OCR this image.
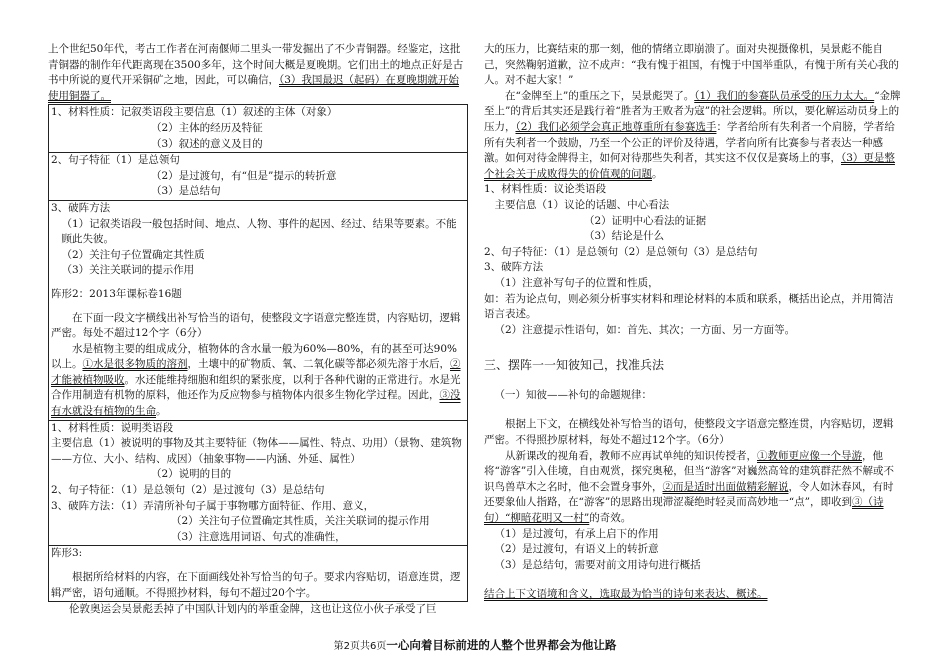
上个世纪50年代，考古工作者在河南偃师二里头一带发掘出了不少青铜器。经鉴定，这批青铜器的制作年代距离现在3500多年，这个时间大概是夏晚期。它们出土的地点正好是古书中所说的夏代开采铜矿之地，因此，可以确信，（3）我国最迟（起码）在夏晚期就开始使用铜器了。

1、材料性质：记叙类语段主要信息（1）叙述的主体（对象）

（2）主体的经历及特征

（3）叙述的意义及目的

2、句子特征（1）是总领句

（2）是过渡句，有“但是”提示的转折意

（3）是总结句

3、破阵方法

（1）记叙类语段一般包括时间、地点、人物、事件的起因、经过、结果等要素。不能顾此失彼。

（2）关注句子位置确定其性质

（3）关注关联词的提示作用

阵形2：2013年课标卷16题

在下面一段文字横线出补写恰当的语句，使整段文字语意完整连贯，内容贴切，逻辑严密。每处不超过12个字（6分）

水是植物主要的组成成分，植物体的含水量一般为60%—80%，有的甚至可达90%以上。①水是很多物质的溶剂，土壤中的矿物质、氧、二氧化碳等都必须先溶于水后，②才能被植物吸收。水还能维持细胞和组织的紧张度，以利于各种代谢的正常进行。水是光合作用制造有机物的原料，他还作为反应物参与植物体内很多生物化学过程。因此，③没有水就没有植物的生命。

1、材料性质：说明类语段

主要信息（1）被说明的事物及其主要特征（物体——属性、特点、功用）（景物、建筑物——方位、大小、结构、成因）（抽象事物——内涵、外延、属性）

（2）说明的目的

2、句子特征：（1）是总领句（2）是过渡句（3）是总结句

3、破阵方法：（1）弄清所补句子属于事物哪方面特征、作用、意义，

（2）关注句子位置确定其性质，关注关联词的提示作用

（3）注意选用词语、句式的准确性，

阵形3:

根据所给材料的内容，在下面画线处补写恰当的句子。要求内容贴切，语意连贯，逻辑严密，语句通顺。不得照抄材料，每句不超过20个字。

伦敦奥运会吴景彪丢掉了中国队计划内的举重金牌，这也让这位小伙子承受了巨

大的压力，比赛结束的那一刻，他的情绪立即崩溃了。面对央视摄像机，吴景彪不能自己，突然鞠躬道歉，泣不成声：“我有愧于祖国，有愧于中国举重队，有愧于所有关心我的人。对不起大家！”

在“金牌至上”的重压之下，吴景彪哭了。（1）我们的参赛队员承受的压力太大。“金牌至上”的背后其实还是践行着“胜者为王败者为寇”的社会逻辑。所以，要化解运动员身上的压力，（2）我们必须学会真正地尊重所有参赛选手：学者给所有失利者一个肩膀，学者给所有失利者一个鼓励，乃至一个公正的评价及待遇，学者向所有比赛参与者表达一种感激。如何对待金牌得主，如何对待那些失利者，其实这不仅仅是赛场上的事，（3）更是整个社会关于成败得失的价值观的问题。

1、材料性质：议论类语段

主要信息（1）议论的话题、中心看法

（2）证明中心看法的证据

（3）结论是什么

2、句子特征：（1）是总领句（2）是总领句（3）是总结句

3、破阵方法

（1）注意补写句子的位置和性质，

如：若为论点句，则必须分析事实材料和理论材料的本质和联系，概括出论点，并用简洁语言表述。

（2）注意提示性语句，如：首先、其次；一方面、另一方面等。

三、摆阵一一知彼知己，找准兵法

（一）知彼——补句的命题规律：

根据上下文，在横线处补写恰当的语句，使整段文字语意完整连贯，内容贴切，逻辑严密。不得照抄原材料，每处不超过12个字。（6分）

从新课改的视角看，教师不应再试单纯的知识传授者，①教师更应像一个导游，他将“游客”引入佳境，自由观赏，探究奥秘，但当“游客”对巍然高耸的建筑群茫然不解或不识鸟兽草木之名时，他不会置身事外，②而是适时出面做精彩解说，令人如沐春风，有时还要象仙人指路，在“游客”的思路出现滞涩凝绝时轻灵而高妙地一“点”，即收到③（诗句）“柳暗花明又一村”的奇效。

（1）是过渡句，有承上启下的作用

（2）是过渡句，有语义上的转折意

（3）是总结句，需要对前文用诗句进行概括

结合上下文语境和含义，选取最为恰当的诗句来表达、概述。

第2页共6页一心向着目标前进的人整个世界都会为他让路
